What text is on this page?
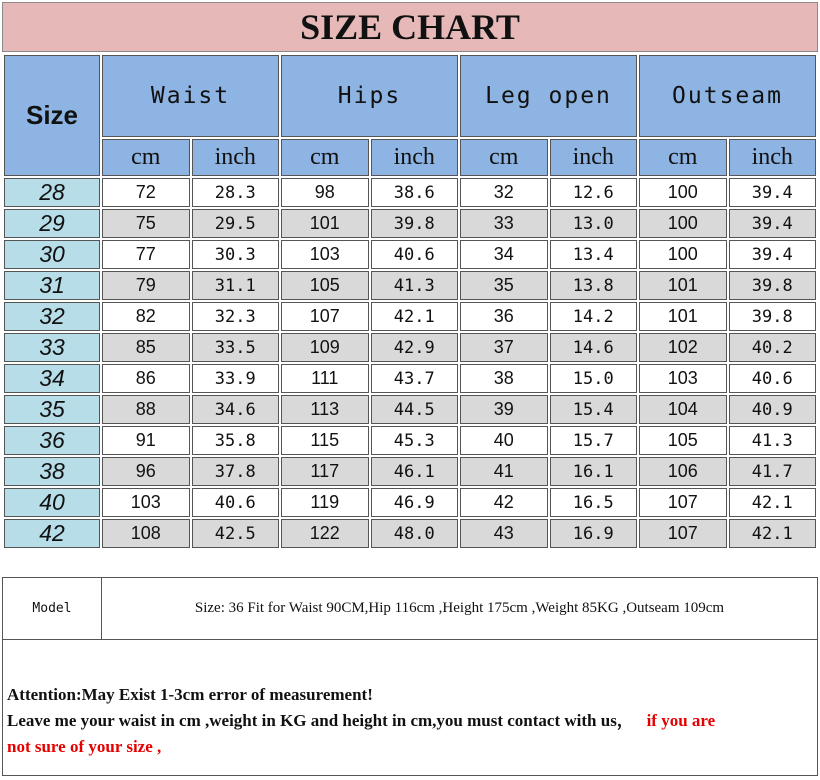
SIZE CHART
Size	Waist		Hips		Leg open		Outseam	
	cm	inch	cm	inch	cm	inch	cm	inch
28	72	28.3	98	38.6	32	12.6	100	39.4
29	75	29.5	101	39.8	33	13.0	100	39.4
30	77	30.3	103	40.6	34	13.4	100	39.4
31	79	31.1	105	41.3	35	13.8	101	39.8
32	82	32.3	107	42.1	36	14.2	101	39.8
33	85	33.5	109	42.9	37	14.6	102	40.2
34	86	33.9	111	43.7	38	15.0	103	40.6
35	88	34.6	113	44.5	39	15.4	104	40.9
36	91	35.8	115	45.3	40	15.7	105	41.3
38	96	37.8	117	46.1	41	16.1	106	41.7
40	103	40.6	119	46.9	42	16.5	107	42.1
42	108	42.5	122	48.0	43	16.9	107	42.1
Model	Size: 36 Fit for Waist 90CM,Hip 116cm ,Height 175cm ,Weight 85KG ,Outseam 109cm
Attention:May Exist 1-3cm error of measurement!
Leave me your waist in cm ,weight in KG and height in cm,you must contact with us， if you are
not sure of your size ,
